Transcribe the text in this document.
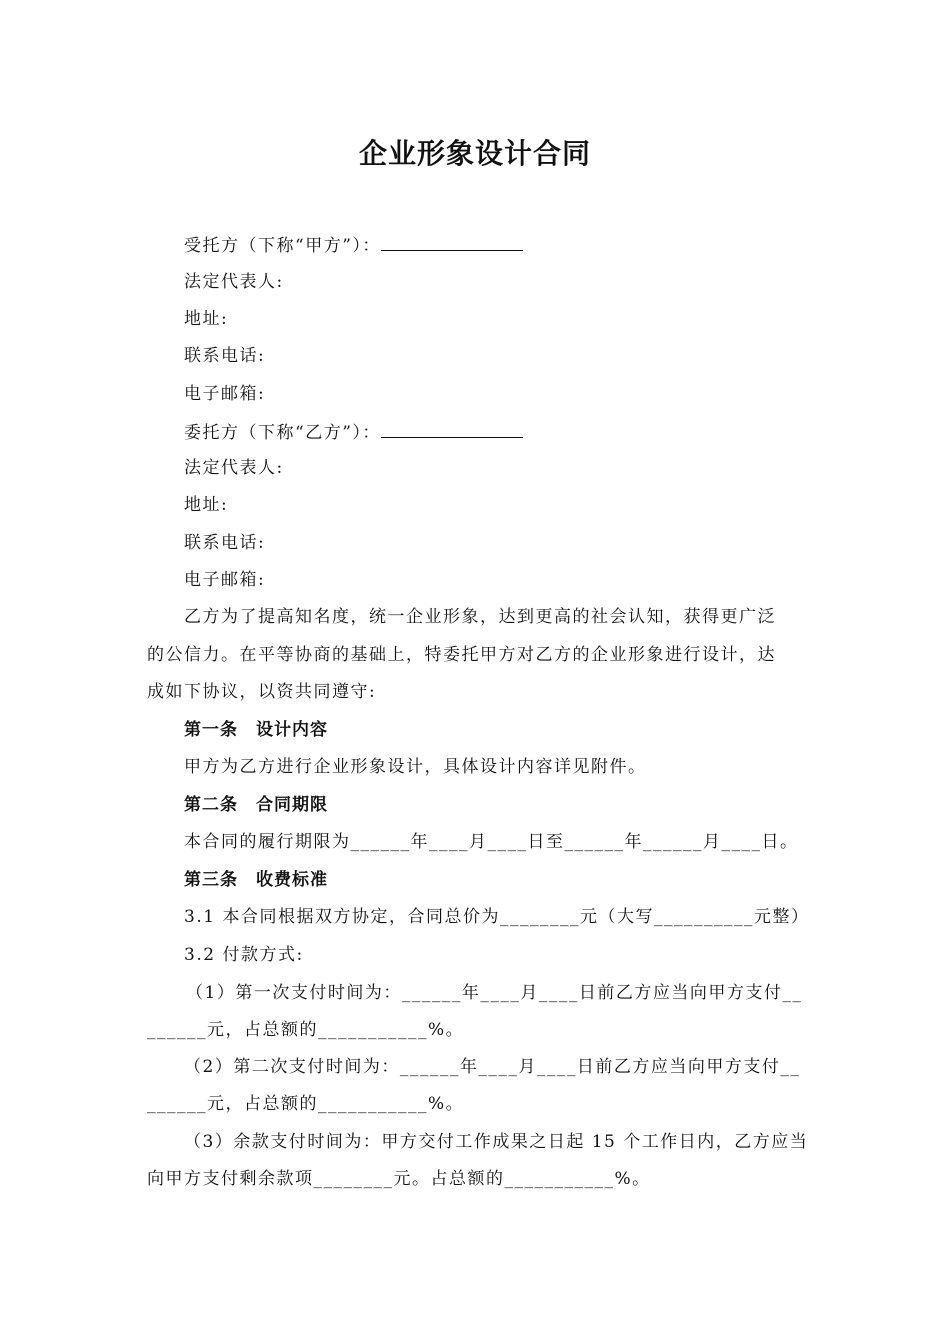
企业形象设计合同
受托方（下称“甲方”）：
法定代表人:
地址:
联系电话:
电子邮箱:
委托方（下称“乙方”）：
法定代表人:
地址:
联系电话:
电子邮箱:
乙方为了提高知名度，统一企业形象，达到更高的社会认知，获得更广泛
的公信力。在平等协商的基础上，特委托甲方对乙方的企业形象进行设计，达
成如下协议，以资共同遵守:
第一条　设计内容
甲方为乙方进行企业形象设计，具体设计内容详见附件。
第二条　合同期限
本合同的履行期限为______年____月____日至______年______月____日。
第三条　收费标准
3.1 本合同根据双方协定，合同总价为________元（大写__________元整）
3.2 付款方式:
（1）第一次支付时间为：______年____月____日前乙方应当向甲方支付__
______元，占总额的___________%。
（2）第二次支付时间为：______年____月____日前乙方应当向甲方支付__
______元，占总额的___________%。
（3）余款支付时间为：甲方交付工作成果之日起 15 个工作日内，乙方应当
向甲方支付剩余款项________元。占总额的___________%。
